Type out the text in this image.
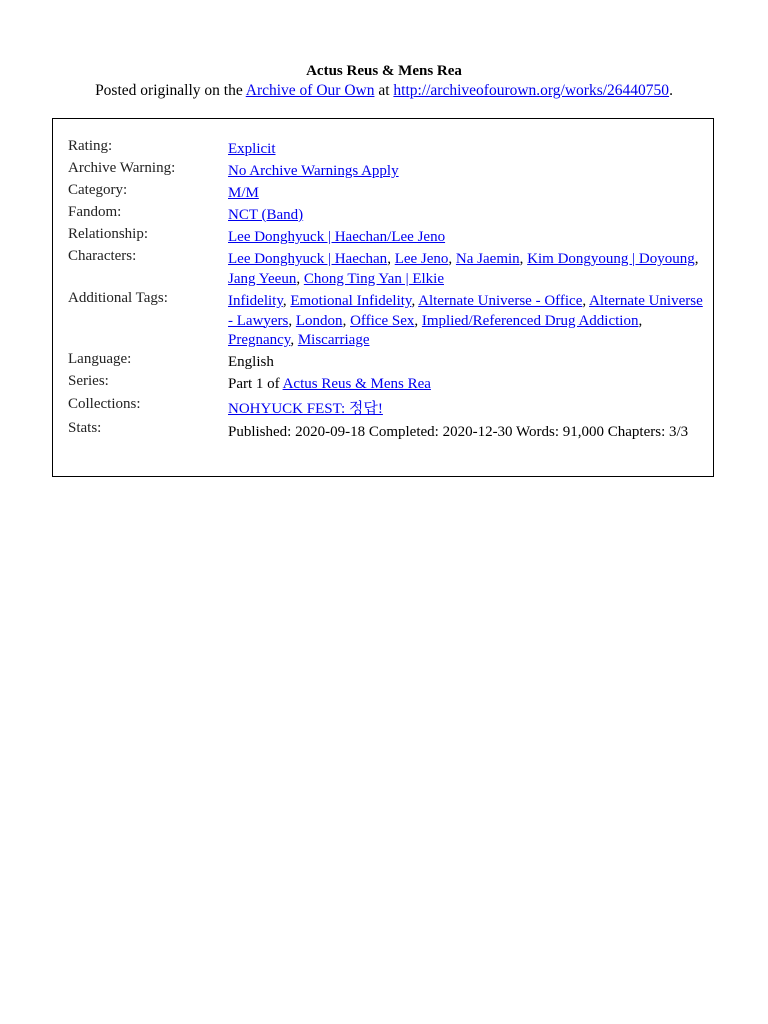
Actus Reus & Mens Rea
Posted originally on the Archive of Our Own at http://archiveofourown.org/works/26440750.
Rating:	Explicit
Archive Warning:	No Archive Warnings Apply
Category:	M/M
Fandom:	NCT (Band)
Relationship:	Lee Donghyuck | Haechan/Lee Jeno
Characters:	Lee Donghyuck | Haechan, Lee Jeno, Na Jaemin, Kim Dongyoung | Doyoung, Jang Yeeun, Chong Ting Yan | Elkie
Additional Tags:	Infidelity, Emotional Infidelity, Alternate Universe - Office, Alternate Universe - Lawyers, London, Office Sex, Implied/Referenced Drug Addiction, Pregnancy, Miscarriage
Language:	English
Series:	Part 1 of Actus Reus & Mens Rea
Collections:	NOHYUCK FEST: 정답!
Stats:	Published: 2020-09-18 Completed: 2020-12-30 Words: 91,000 Chapters: 3/3
